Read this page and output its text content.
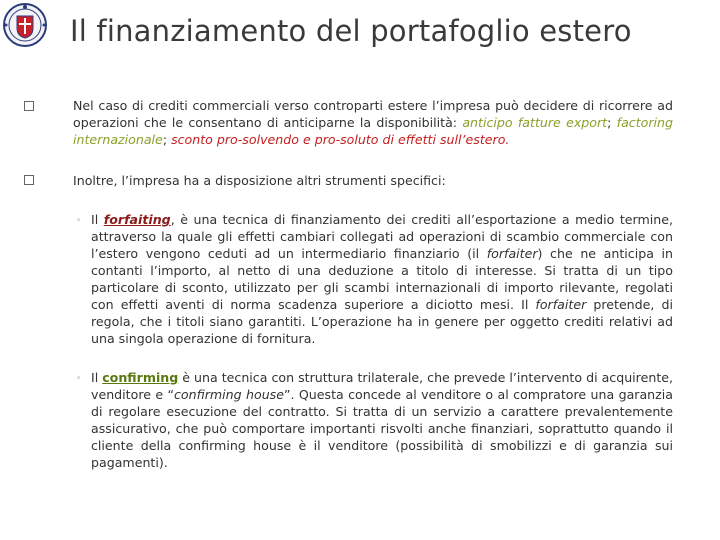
Il finanziamento del portafoglio estero
Nel caso di crediti commerciali verso controparti estere l’impresa può decidere di ricorrere ad operazioni che le consentano di anticiparne la disponibilità: anticipo fatture export; factoring internazionale; sconto pro-solvendo e pro-soluto di effetti sull’estero.
Inoltre, l’impresa ha a disposizione altri strumenti specifici:
◦ Il forfaiting, è una tecnica di finanziamento dei crediti all’esportazione a medio termine, attraverso la quale gli effetti cambiari collegati ad operazioni di scambio commerciale con l’estero vengono ceduti ad un intermediario finanziario (il forfaiter) che ne anticipa in contanti l’importo, al netto di una deduzione a titolo di interesse. Si tratta di un tipo particolare di sconto, utilizzato per gli scambi internazionali di importo rilevante, regolati con effetti aventi di norma scadenza superiore a diciotto mesi. Il forfaiter pretende, di regola, che i titoli siano garantiti. L’operazione ha in genere per oggetto crediti relativi ad una singola operazione di fornitura.
◦ Il confirming è una tecnica con struttura trilaterale, che prevede l’intervento di acquirente, venditore e “confirming house”. Questa concede al venditore o al compratore una garanzia di regolare esecuzione del contratto. Si tratta di un servizio a carattere prevalentemente assicurativo, che può comportare importanti risvolti anche finanziari, soprattutto quando il cliente della confirming house è il venditore (possibilità di smobilizzi e di garanzia sui pagamenti).
